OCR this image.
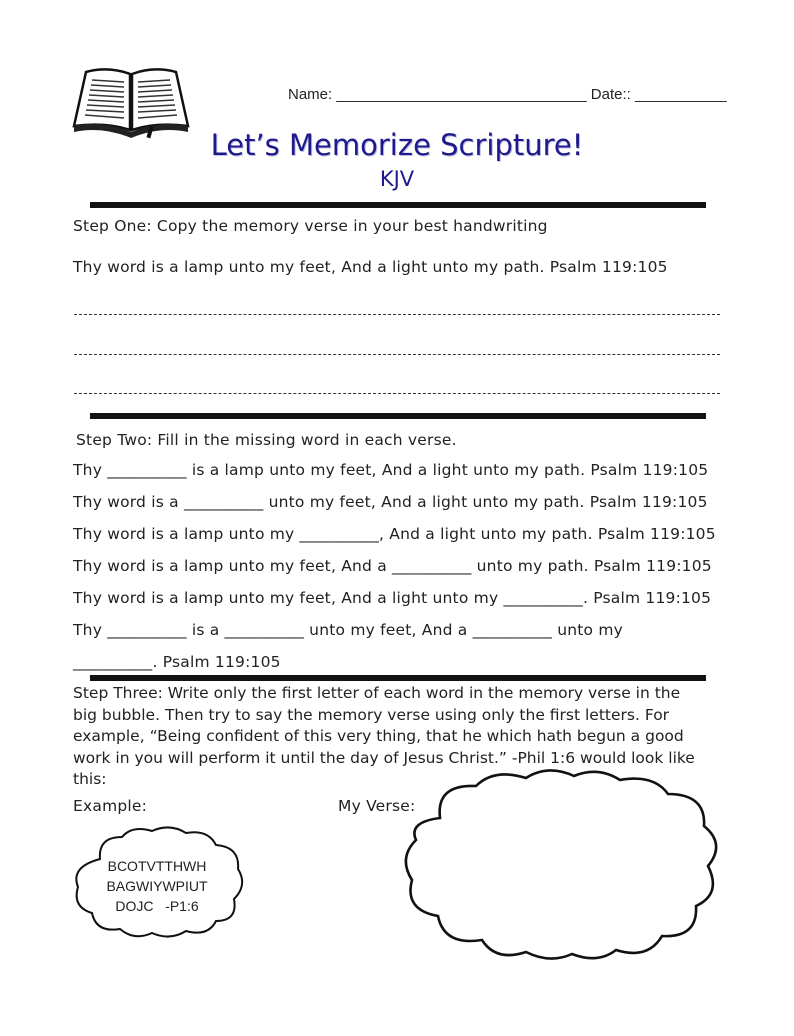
Name: ______________________________ Date:: ___________
Let’s Memorize Scripture!
KJV
Step One: Copy the memory verse in your best handwriting
Thy word is a lamp unto my feet, And a light unto my path. Psalm 119:105
Step Two: Fill in the missing word in each verse.
Thy __________ is a lamp unto my feet, And a light unto my path. Psalm 119:105
Thy word is a __________ unto my feet, And a light unto my path. Psalm 119:105
Thy word is a lamp unto my __________, And a light unto my path. Psalm 119:105
Thy word is a lamp unto my feet, And a __________ unto my path. Psalm 119:105
Thy word is a lamp unto my feet, And a light unto my __________. Psalm 119:105
Thy __________ is a __________ unto my feet, And a __________ unto my
__________. Psalm 119:105
Step Three: Write only the first letter of each word in the memory verse in the
big bubble. Then try to say the memory verse using only the first letters. For
example, “Being confident of this very thing, that he which hath begun a good
work in you will perform it until the day of Jesus Christ.” -Phil 1:6 would look like
this:
Example:	My Verse:
BCOTVTTHWH
BAGWIYWPIUT
DOJC   -P1:6
